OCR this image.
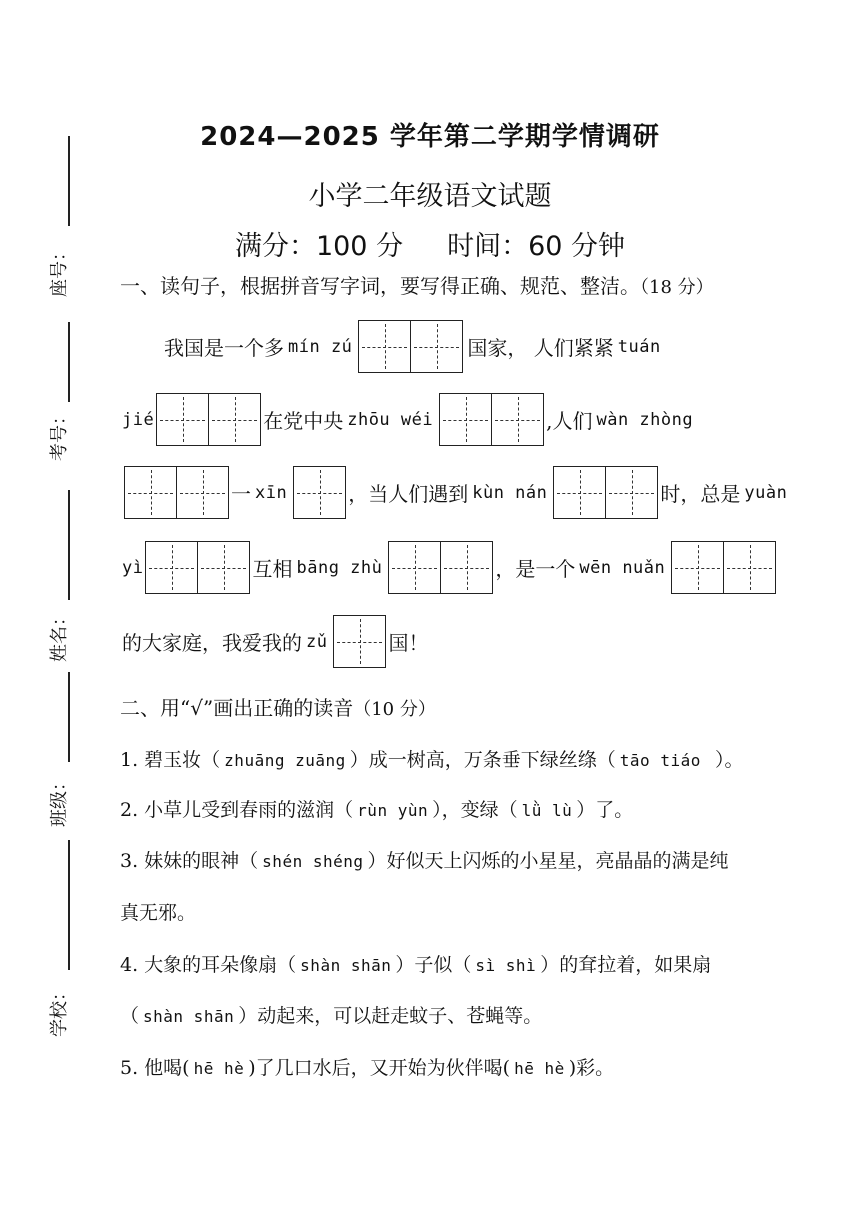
座号：
考号：
姓名：
班级：
学校：
2024—2025 学年第二学期学情调研
小学二年级语文试题
满分：100 分 时间：60 分钟
一、读句子，根据拼音写字词，要写得正确、规范、整洁。（18 分）
我国是一个多 mín zú	国家， 人们紧紧 tuán
jié	在党中央 zhōu wéi	,人们 wàn zhòng
一 xīn	，当人们遇到 kùn nán	时，总是 yuàn
yì	互相 bāng zhù	，是一个 wēn nuǎn
的大家庭，我爱我的 zǔ	国！
二、用“√”画出正确的读音（10 分）
1. 碧玉妆（ zhuāng zuāng ）成一树高，万条垂下绿丝绦（ tāo tiáo ）。
2. 小草儿受到春雨的滋润（ rùn yùn ），变绿（ lǜ lù ）了。
3. 妹妹的眼神（ shén shéng ）好似天上闪烁的小星星，亮晶晶的满是纯
真无邪。
4. 大象的耳朵像扇（ shàn shān ）子似（ sì shì ）的耷拉着，如果扇
（ shàn shān ）动起来，可以赶走蚊子、苍蝇等。
5. 他喝( hē hè )了几口水后，又开始为伙伴喝( hē hè )彩。
